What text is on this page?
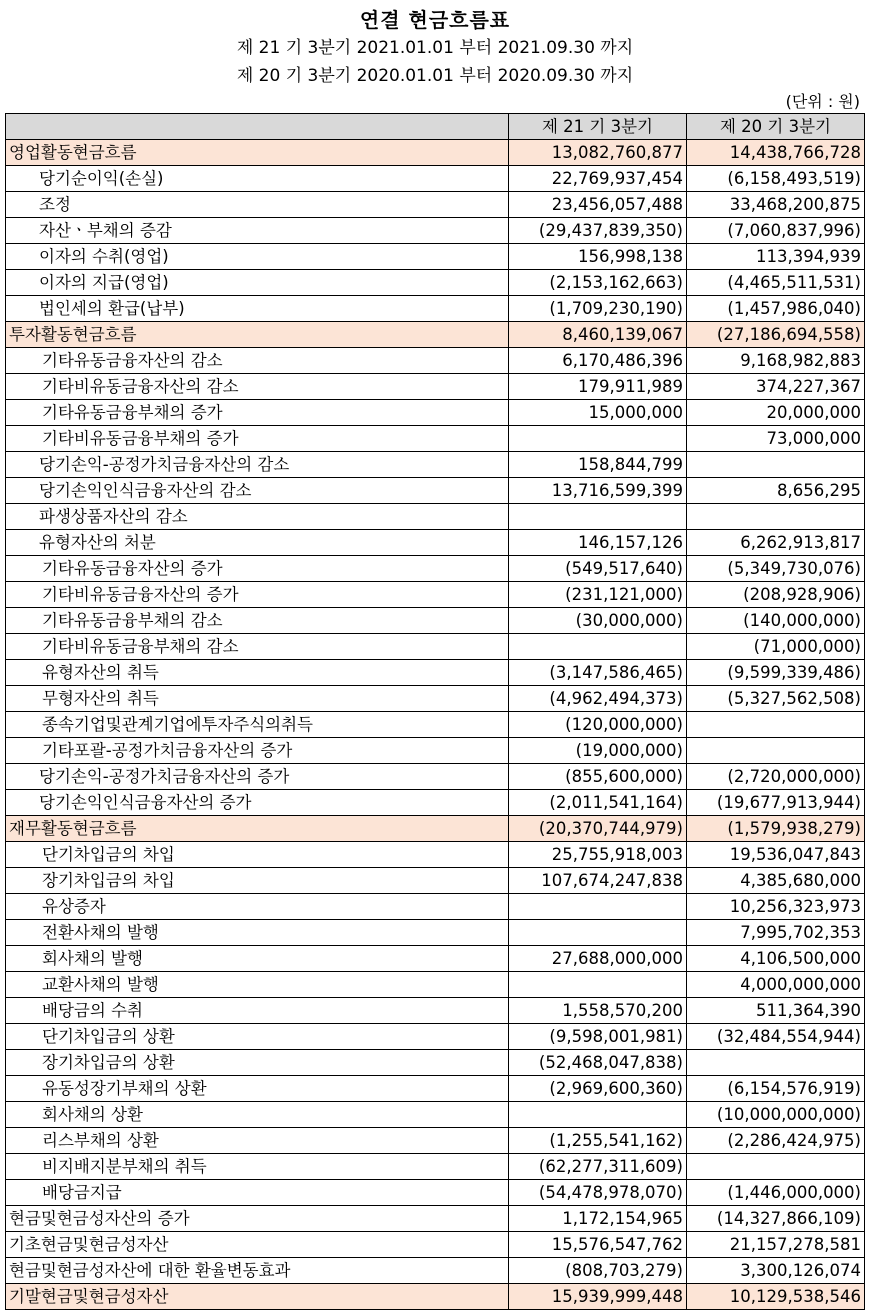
연결 현금흐름표
제 21 기 3분기 2021.01.01 부터 2021.09.30 까지
제 20 기 3분기 2020.01.01 부터 2020.09.30 까지
(단위 : 원)
	제 21 기 3분기	제 20 기 3분기
영업활동현금흐름	13,082,760,877	14,438,766,728
당기순이익(손실)	22,769,937,454	(6,158,493,519)
조정	23,456,057,488	33,468,200,875
자산ㆍ부채의 증감	(29,437,839,350)	(7,060,837,996)
이자의 수취(영업)	156,998,138	113,394,939
이자의 지급(영업)	(2,153,162,663)	(4,465,511,531)
법인세의 환급(납부)	(1,709,230,190)	(1,457,986,040)
투자활동현금흐름	8,460,139,067	(27,186,694,558)
기타유동금융자산의 감소	6,170,486,396	9,168,982,883
기타비유동금융자산의 감소	179,911,989	374,227,367
기타유동금융부채의 증가	15,000,000	20,000,000
기타비유동금융부채의 증가		73,000,000
당기손익-공정가치금융자산의 감소	158,844,799	
당기손익인식금융자산의 감소	13,716,599,399	8,656,295
파생상품자산의 감소		
유형자산의 처분	146,157,126	6,262,913,817
기타유동금융자산의 증가	(549,517,640)	(5,349,730,076)
기타비유동금융자산의 증가	(231,121,000)	(208,928,906)
기타유동금융부채의 감소	(30,000,000)	(140,000,000)
기타비유동금융부채의 감소		(71,000,000)
유형자산의 취득	(3,147,586,465)	(9,599,339,486)
무형자산의 취득	(4,962,494,373)	(5,327,562,508)
종속기업및관계기업에투자주식의취득	(120,000,000)	
기타포괄-공정가치금융자산의 증가	(19,000,000)	
당기손익-공정가치금융자산의 증가	(855,600,000)	(2,720,000,000)
당기손익인식금융자산의 증가	(2,011,541,164)	(19,677,913,944)
재무활동현금흐름	(20,370,744,979)	(1,579,938,279)
단기차입금의 차입	25,755,918,003	19,536,047,843
장기차입금의 차입	107,674,247,838	4,385,680,000
유상증자		10,256,323,973
전환사채의 발행		7,995,702,353
회사채의 발행	27,688,000,000	4,106,500,000
교환사채의 발행		4,000,000,000
배당금의 수취	1,558,570,200	511,364,390
단기차입금의 상환	(9,598,001,981)	(32,484,554,944)
장기차입금의 상환	(52,468,047,838)	
유동성장기부채의 상환	(2,969,600,360)	(6,154,576,919)
회사채의 상환		(10,000,000,000)
리스부채의 상환	(1,255,541,162)	(2,286,424,975)
비지배지분부채의 취득	(62,277,311,609)	
배당금지급	(54,478,978,070)	(1,446,000,000)
현금및현금성자산의 증가	1,172,154,965	(14,327,866,109)
기초현금및현금성자산	15,576,547,762	21,157,278,581
현금및현금성자산에 대한 환율변동효과	(808,703,279)	3,300,126,074
기말현금및현금성자산	15,939,999,448	10,129,538,546
